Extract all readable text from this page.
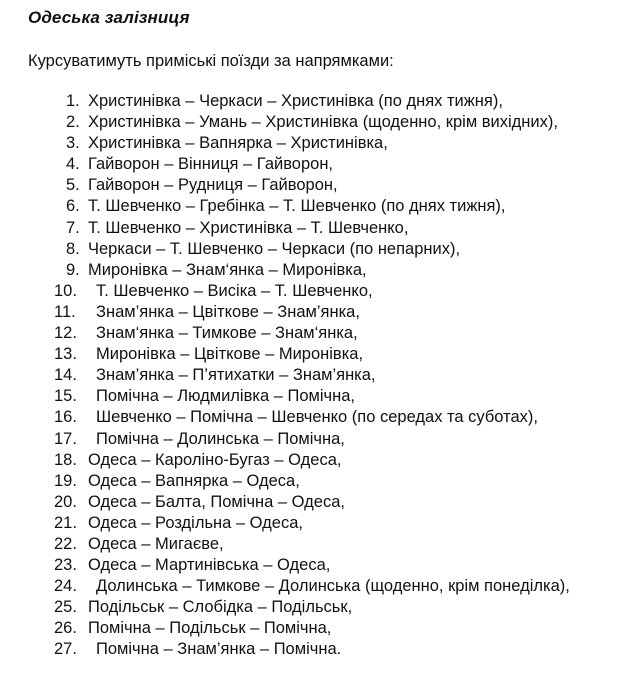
Одеська залізниця
Курсуватимуть приміські поїзди за напрямками:
1. Христинівка – Черкаси – Христинівка (по днях тижня),
2. Христинівка – Умань – Христинівка (щоденно, крім вихідних),
3. Христинівка – Вапнярка – Христинівка,
4. Гайворон – Вінниця – Гайворон,
5. Гайворон – Рудниця – Гайворон,
6. Т. Шевченко – Гребінка – Т. Шевченко (по днях тижня),
7. Т. Шевченко – Христинівка – Т. Шевченко,
8. Черкаси – Т. Шевченко – Черкаси (по непарних),
9. Миронівка – Знам‘янка – Миронівка,
10. Т. Шевченко – Висіка – Т. Шевченко,
11. Знам’янка – Цвіткове – Знам’янка,
12. Знам‘янка – Тимкове – Знам‘янка,
13. Миронівка – Цвіткове – Миронівка,
14. Знам’янка – П’ятихатки – Знам’янка,
15. Помічна – Людмилівка – Помічна,
16. Шевченко – Помічна – Шевченко (по середах та суботах),
17. Помічна – Долинська – Помічна,
18. Одеса – Кароліно-Бугаз – Одеса,
19. Одеса – Вапнярка – Одеса,
20. Одеса – Балта, Помічна – Одеса,
21. Одеса – Роздільна – Одеса,
22. Одеса – Мигаєве,
23. Одеса – Мартинівська – Одеса,
24. Долинська – Тимкове – Долинська (щоденно, крім понеділка),
25. Подільськ – Слобідка – Подільськ,
26. Помічна – Подільськ – Помічна,
27. Помічна – Знам’янка – Помічна.
